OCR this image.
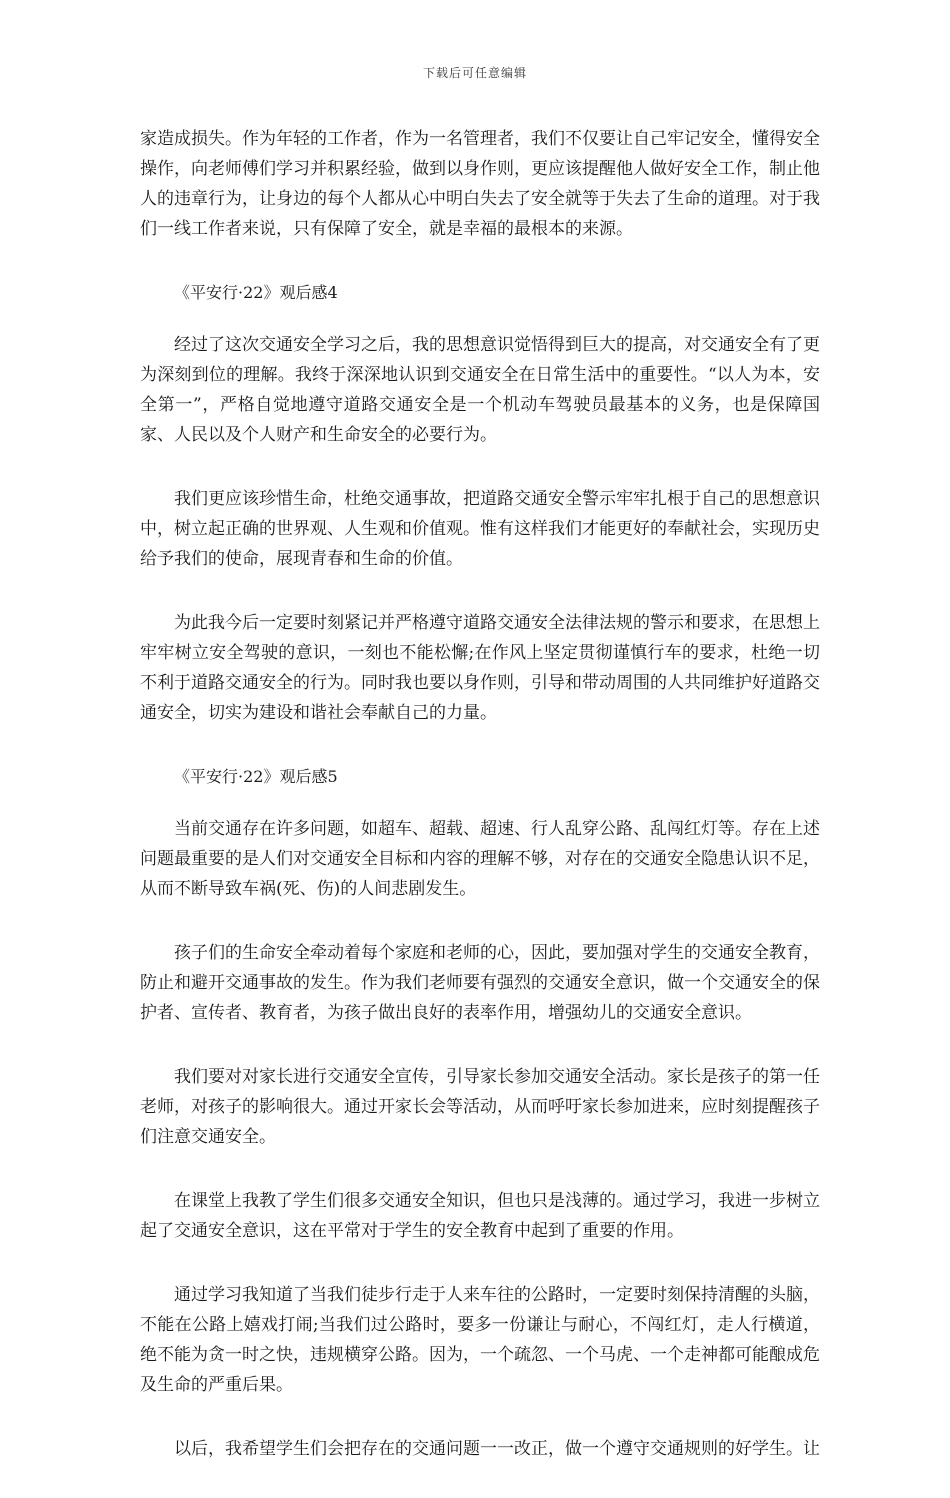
下载后可任意编辑

家造成损失。作为年轻的工作者，作为一名管理者，我们不仅要让自己牢记安全，懂得安全操作，向老师傅们学习并积累经验，做到以身作则，更应该提醒他人做好安全工作，制止他人的违章行为，让身边的每个人都从心中明白失去了安全就等于失去了生命的道理。对于我们一线工作者来说，只有保障了安全，就是幸福的最根本的来源。

《平安行·22》观后感4

经过了这次交通安全学习之后，我的思想意识觉悟得到巨大的提高，对交通安全有了更为深刻到位的理解。我终于深深地认识到交通安全在日常生活中的重要性。“以人为本，安全第一”，严格自觉地遵守道路交通安全是一个机动车驾驶员最基本的义务，也是保障国家、人民以及个人财产和生命安全的必要行为。

我们更应该珍惜生命，杜绝交通事故，把道路交通安全警示牢牢扎根于自己的思想意识中，树立起正确的世界观、人生观和价值观。惟有这样我们才能更好的奉献社会，实现历史给予我们的使命，展现青春和生命的价值。

为此我今后一定要时刻紧记并严格遵守道路交通安全法律法规的警示和要求，在思想上牢牢树立安全驾驶的意识，一刻也不能松懈;在作风上坚定贯彻谨慎行车的要求，杜绝一切不利于道路交通安全的行为。同时我也要以身作则，引导和带动周围的人共同维护好道路交通安全，切实为建设和谐社会奉献自己的力量。

《平安行·22》观后感5

当前交通存在许多问题，如超车、超载、超速、行人乱穿公路、乱闯红灯等。存在上述问题最重要的是人们对交通安全目标和内容的理解不够，对存在的交通安全隐患认识不足，从而不断导致车祸(死、伤)的人间悲剧发生。

孩子们的生命安全牵动着每个家庭和老师的心，因此，要加强对学生的交通安全教育，防止和避开交通事故的发生。作为我们老师要有强烈的交通安全意识，做一个交通安全的保护者、宣传者、教育者，为孩子做出良好的表率作用，增强幼儿的交通安全意识。

我们要对对家长进行交通安全宣传，引导家长参加交通安全活动。家长是孩子的第一任老师，对孩子的影响很大。通过开家长会等活动，从而呼吁家长参加进来，应时刻提醒孩子们注意交通安全。

在课堂上我教了学生们很多交通安全知识，但也只是浅薄的。通过学习，我进一步树立起了交通安全意识，这在平常对于学生的安全教育中起到了重要的作用。

通过学习我知道了当我们徒步行走于人来车往的公路时，一定要时刻保持清醒的头脑，不能在公路上嬉戏打闹;当我们过公路时，要多一份谦让与耐心，不闯红灯，走人行横道，绝不能为贪一时之快，违规横穿公路。因为，一个疏忽、一个马虎、一个走神都可能酿成危及生命的严重后果。

以后，我希望学生们会把存在的交通问题一一改正，做一个遵守交通规则的好学生。让
